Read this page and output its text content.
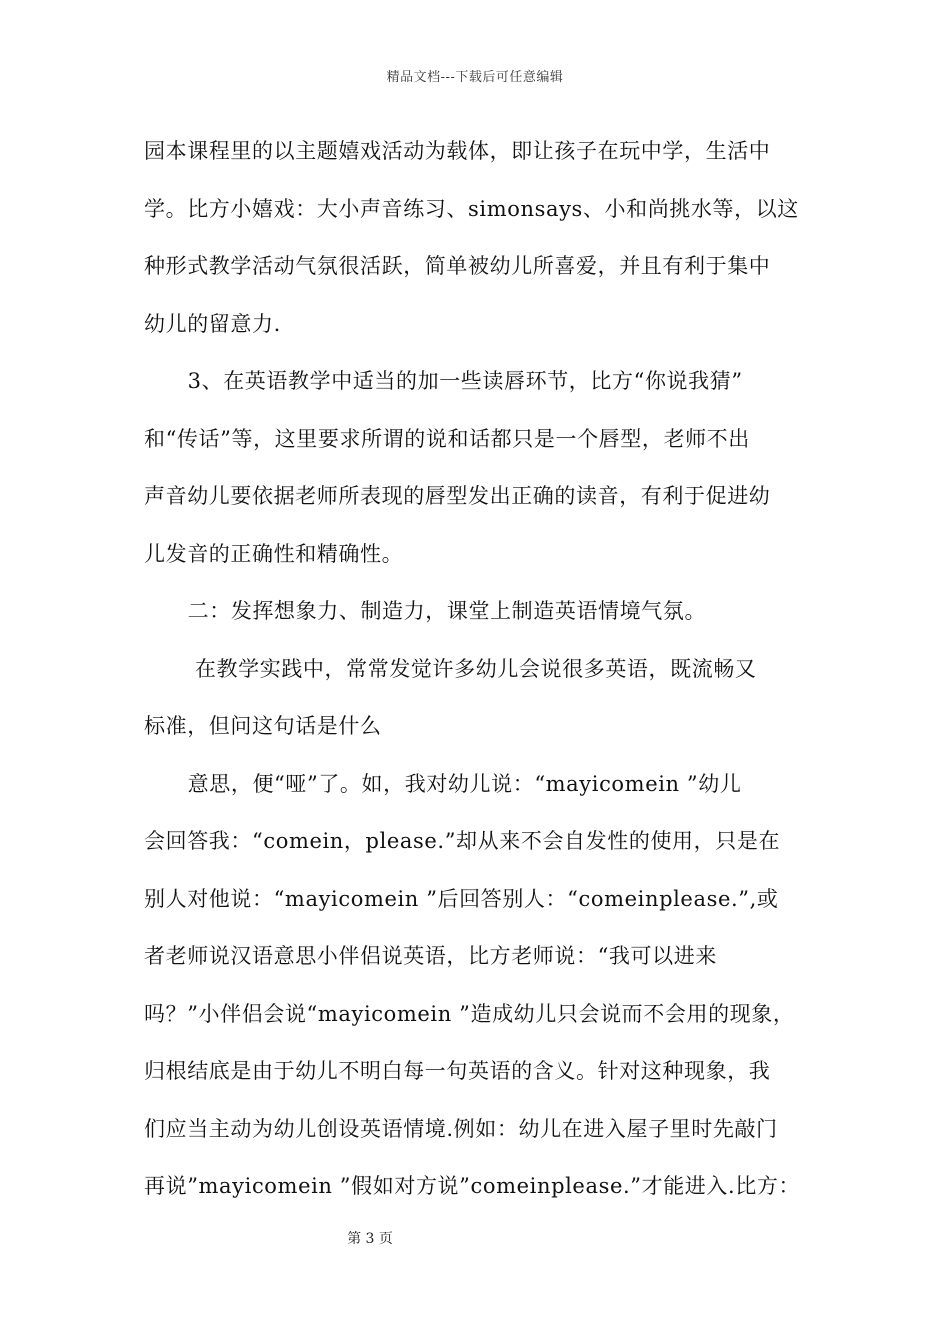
精品文档---下载后可任意编辑
园本课程里的以主题嬉戏活动为载体，即让孩子在玩中学，生活中
学。比方小嬉戏：大小声音练习、simonsays、小和尚挑水等，以这
种形式教学活动气氛很活跃，简单被幼儿所喜爱，并且有利于集中
幼儿的留意力.
3、在英语教学中适当的加一些读唇环节，比方“你说我猜”
和“传话”等，这里要求所谓的说和话都只是一个唇型，老师不出
声音幼儿要依据老师所表现的唇型发出正确的读音，有利于促进幼
儿发音的正确性和精确性。
二：发挥想象力、制造力，课堂上制造英语情境气氛。
在教学实践中，常常发觉许多幼儿会说很多英语，既流畅又
标准，但问这句话是什么
意思，便“哑”了。如，我对幼儿说：“mayicomein ”幼儿
会回答我：“comein，please.”却从来不会自发性的使用，只是在
别人对他说：“mayicomein ”后回答别人：“comeinplease.”,或
者老师说汉语意思小伴侣说英语，比方老师说：“我可以进来
吗？”小伴侣会说“mayicomein ”造成幼儿只会说而不会用的现象，
归根结底是由于幼儿不明白每一句英语的含义。针对这种现象，我
们应当主动为幼儿创设英语情境.例如：幼儿在进入屋子里时先敲门
再说”mayicomein ”假如对方说”comeinplease.”才能进入.比方：
第 3 页
